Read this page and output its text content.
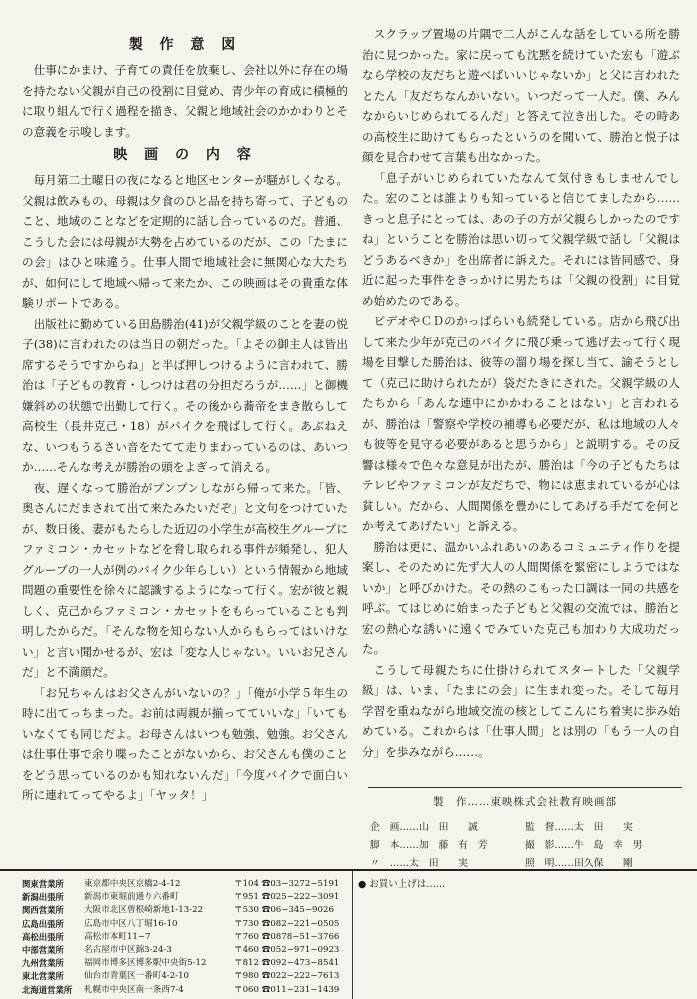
製 作 意 図

仕事にかまけ、子育ての責任を放棄し、会社以外に存在の場を持たない父親が自己の役割に目覚め、青少年の育成に積極的に取り組んで行く過程を描き、父親と地域社会のかかわりとその意義を示唆します。

映 画 の 内 容

毎月第二土曜日の夜になると地区センターが騒がしくなる。父親は飲みもの、母親は夕食のひと品を持ち寄って、子どものこと、地域のことなどを定期的に話し合っているのだ。普通、こうした会には母親が大勢を占めているのだが、この「たまにの会」はひと味違う。仕事人間で地域社会に無関心な大たちが、如何にして地域へ帰って来たか、この映画はその貴重な体験リポートである。

出版社に勤めている田島勝治(41)が父親学級のことを妻の悦子(38)に言われたのは当日の朝だった。「よその御主人は皆出席するそうですからね」と半ば押しつけるように言われて、勝治は「子どもの教育・しつけは君の分担だろうが……」と御機嫌斜めの状態で出勤して行く。その後から蕎帝をまき散らして高校生（長井克己・18）がバイクを飛ばして行く。あぶねえな、いつもうるさい音をたてて走りまわっているのは、あいつか……そんな考えが勝治の頭をよぎって消える。

夜、遅くなって勝治がプンプンしながら帰って来た。「皆、奥さんにだまされて出て来たみたいだぞ」と文句をつけていたが、数日後、妻がもたらした近辺の小学生が高校生グループにファミコン・カセットなどを脅し取られる事件が頻発し、犯人グループの一人が例のバイク少年らしい）という情報から地域問題の重要性を徐々に認識するようになって行く。宏が彼と親しく、克己からファミコン・カセットをもらっていることも判明したからだ。「そんな物を知らない人からもらってはいけない」と言い聞かせるが、宏は「変な人じゃない。いいお兄さんだ」と不満顔だ。

「お兄ちゃんはお父さんがいないの？」「俺が小学５年生の時に出てっちまった。お前は両親が揃ってていいな」「いてもいなくても同じだよ。お母さんはいつも勉強、勉強。お父さんは仕事仕事で余り喋ったことがないから、お父さんも僕のことをどう思っているのかも知れないんだ」「今度バイクで面白い所に連れてってやるよ」「ヤッタ！」

スクラップ置場の片隅で二人がこんな話をしている所を勝治に見つかった。家に戻っても沈黙を続けていた宏も「遊ぶなら学校の友だちと遊べばいいじゃないか」と父に言われたとたん「友だちなんかいない。いつだって一人だ。僕、みんなからいじめられてるんだ」と答えて泣き出した。その時あの高校生に助けてもらったというのを聞いて、勝治と悦子は顔を見合わせて言葉も出なかった。

「息子がいじめられていたなんて気付きもしませんでした。宏のことは誰よりも知っていると信じてましたから……きっと息子にとっては、あの子の方が父親らしかったのですね」ということを勝治は思い切って父親学級で話し「父親はどうあるべきか」を出席者に訴えた。それには皆同感で、身近に起った事件をきっかけに男たちは「父親の役割」に目覚め始めたのである。

ビデオやＣＤのかっぱらいも続発している。店から飛び出して来た少年が克己のバイクに飛び乗って逃げ去って行く現場を目撃した勝治は、彼等の溜り場を探し当て、諭そうとして（克己に助けられたが）袋だたきにされた。父親学級の人たちから「あんな連中にかかわることはない」と言われるが、勝治は「警察や学校の補導も必要だが、私は地域の人々も彼等を見守る必要があると思うから」と説明する。その反響は様々で色々な意見が出たが、勝治は「今の子どもたちはテレビやファミコンが友だちで、物には恵まれているが心は貧しい。だから、人間関係を豊かにしてあげる手だてを何とか考えてあげたい」と訴える。

勝治は更に、温かいふれあいのあるコミュニティ作りを提案し、そのために先ず大人の人間関係を緊密にしようではないか」と呼びかけた。その熱のこもった口調は一同の共感を呼ぶ。てはじめに始まった子どもと父親の交流では、勝治と宏の熱心な誘いに遠くでみていた克己も加わり大成功だった。

こうして母親たちに仕掛けられてスタートした「父親学級」は、いま、「たまにの会」に生まれ変った。そして毎月学習を重ねながら地域交流の核としてこんにち着実に歩み始めている。これからは「仕事人間」とは別の「もう一人の自分」を歩みながら……。

製　作……東映株式会社教育映画部
企　画……山　田　　誠	監　督……太　田　　実
脚　本……加　藤　有　芳	撮　影……牛　島　幸　男
〃　……太　田　　実	照　明……田久保　　剛
関東営業所	東京都中央区京橋2-4-12	〒104 ☎03−3272−5191
新潟出張所	新潟市東堀前通り六番町	〒951 ☎025−222−3091
関西営業所	大阪市北区曽根崎新地1-13-22	〒530 ☎06−345−9026
広島出張所	広島市中区八丁堀16-10	〒730 ☎082−221−0505
高松出張所	高松市本町11−7	〒760 ☎0878−51−3766
中部営業所	名古屋市中区錦3-24-3	〒460 ☎052−971−0923
九州営業所	福岡市博多区博多駅中央街5-12	〒812 ☎092−473−8541
東北営業所	仙台市青葉区一番町4-2-10	〒980 ☎022−222−7613
北海道営業所	札幌市中央区南一条西7-4	〒060 ☎011−231−1439
● お買い上げは……
